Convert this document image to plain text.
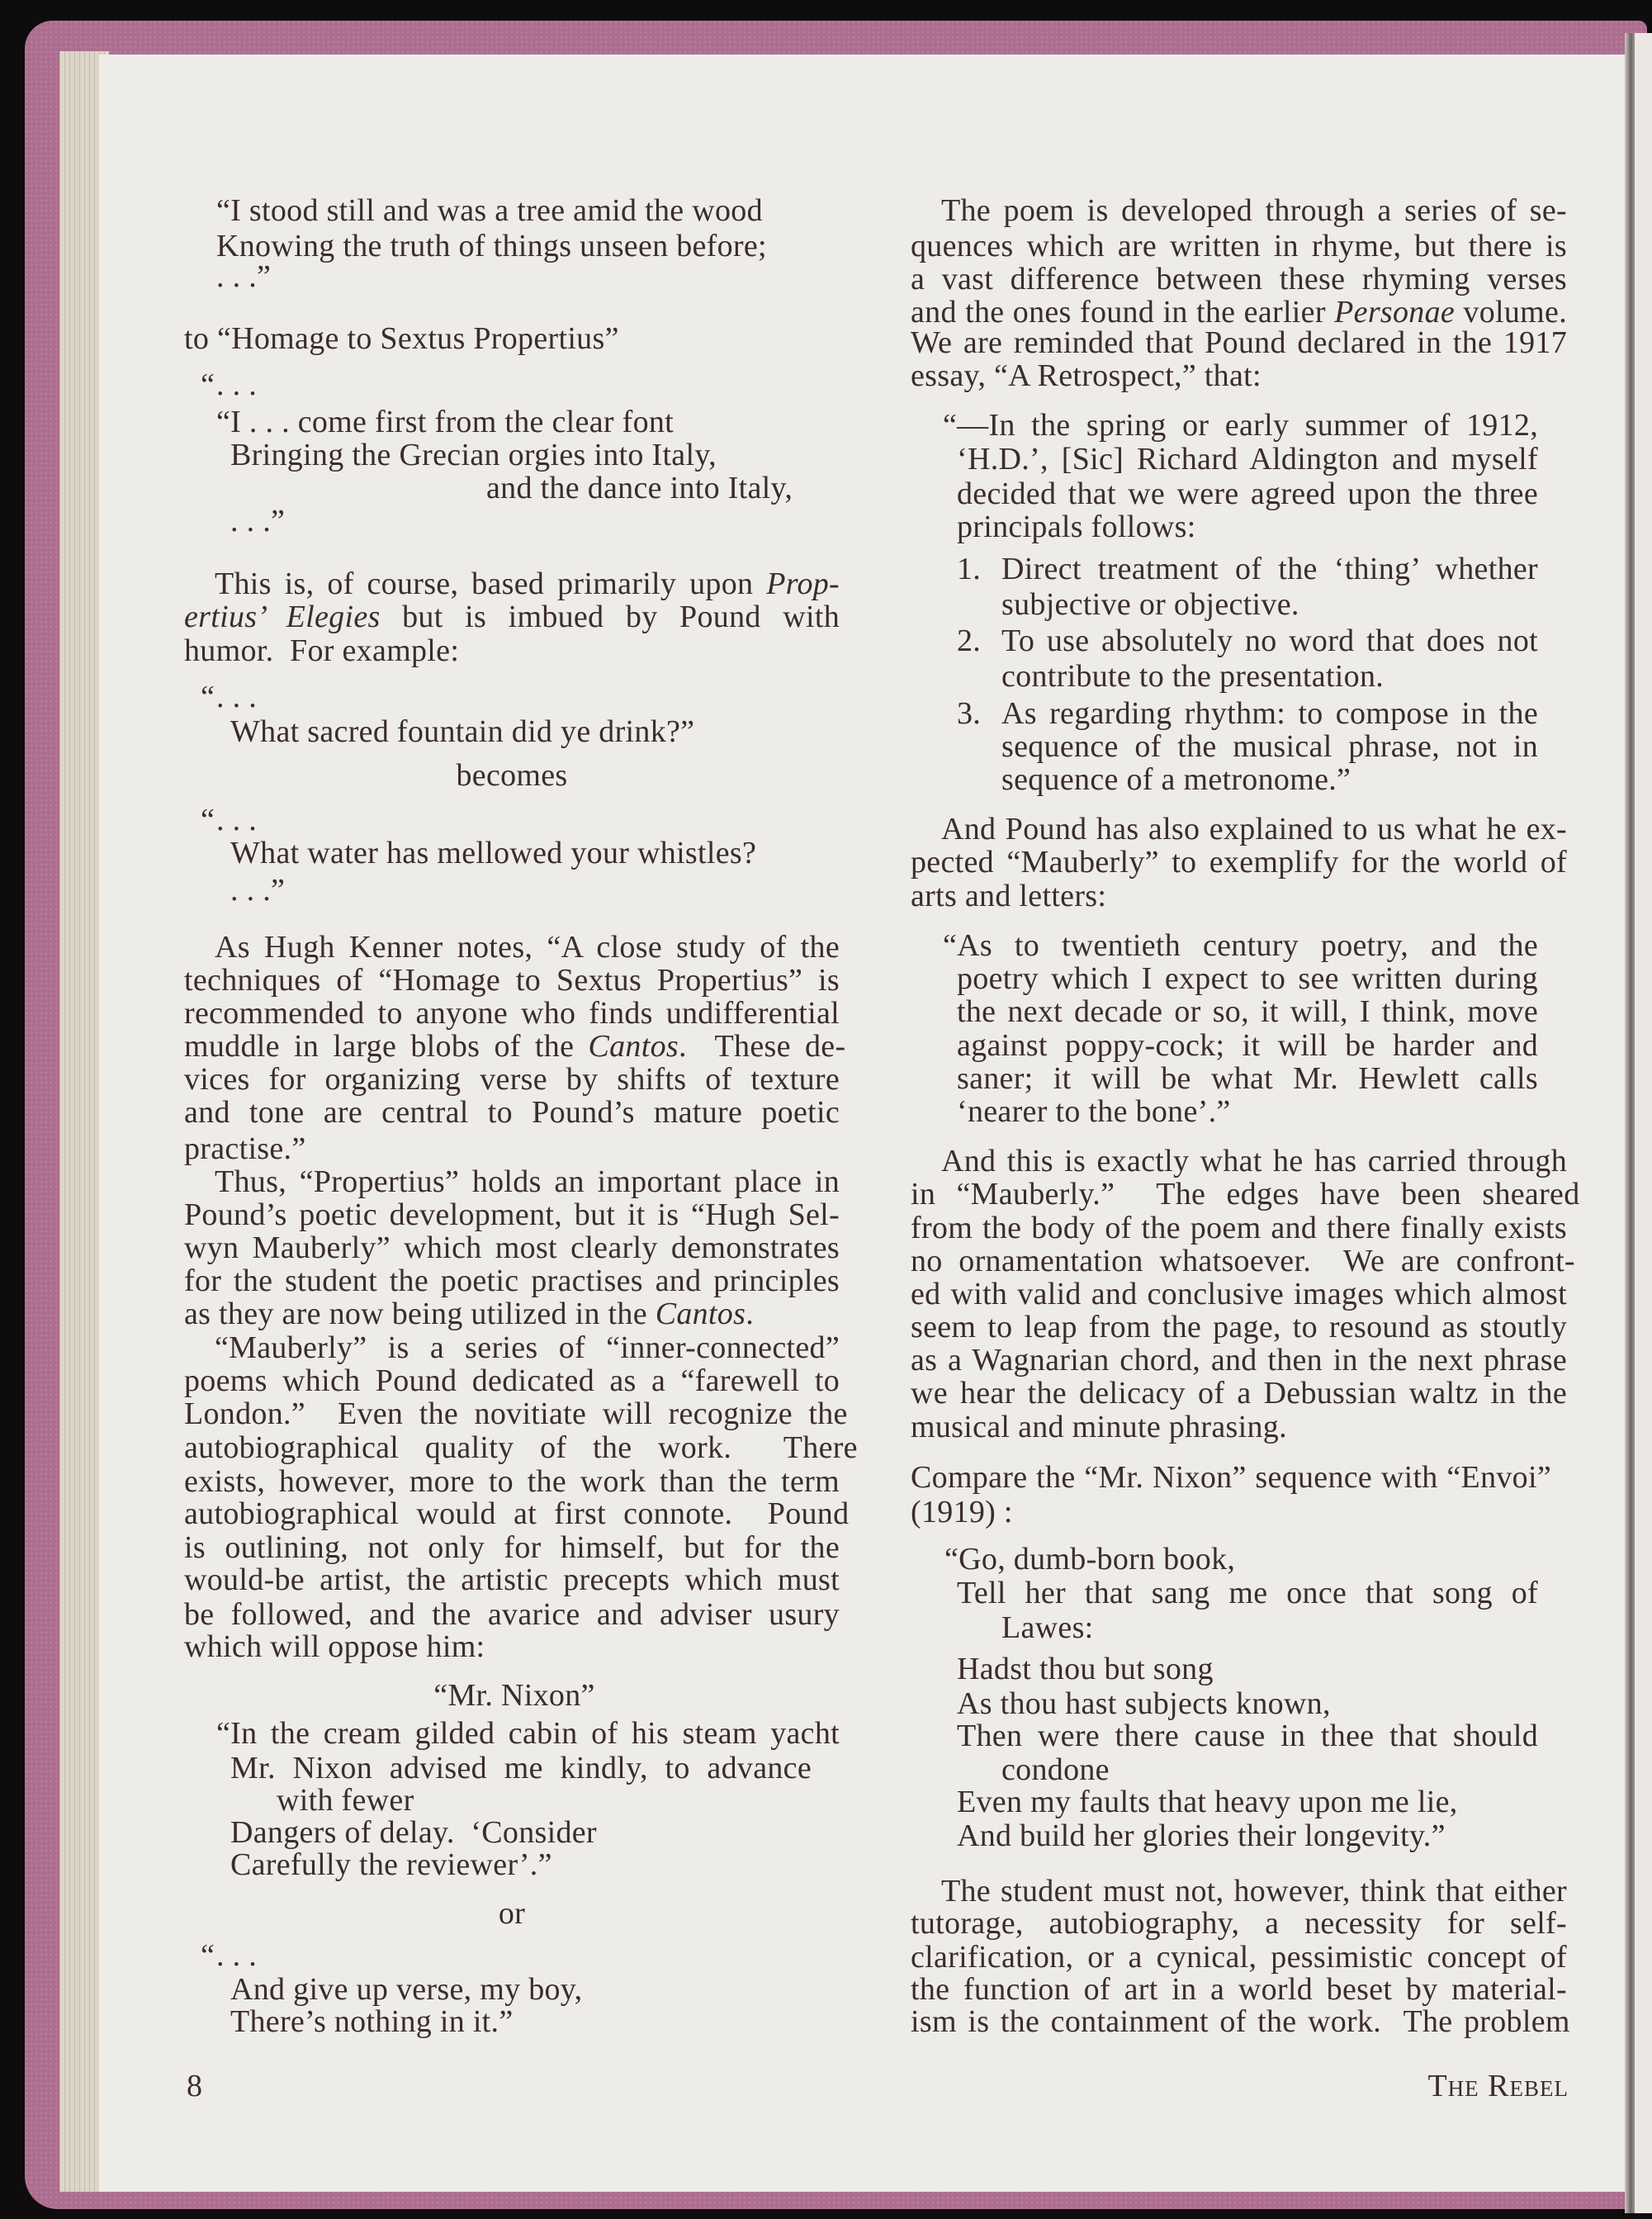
“I stood still and was a tree amid the wood
Knowing the truth of things unseen before;
. . .”
to “Homage to Sextus Propertius”
“ . . .
“I . . . come first from the clear font
Bringing the Grecian orgies into Italy,
and the dance into Italy,
. . .”
This is, of course, based primarily upon Prop-
ertius’ Elegies but is imbued by Pound with
humor.  For example:
“ . . .
What sacred fountain did ye drink?”
becomes
“ . . .
What water has mellowed your whistles?
. . .”
As Hugh Kenner notes, “A close study of the
techniques of “Homage to Sextus Propertius” is
recommended to anyone who finds undifferential
muddle in large blobs of the Cantos.  These de-
vices for organizing verse by shifts of texture
and tone are central to Pound’s mature poetic
practise.”
Thus, “Propertius” holds an important place in
Pound’s poetic development, but it is “Hugh Sel-
wyn Mauberly” which most clearly demonstrates
for the student the poetic practises and principles
as they are now being utilized in the Cantos.
“Mauberly” is a series of “inner-connected”
poems which Pound dedicated as a “farewell to
London.”  Even the novitiate will recognize the
autobiographical quality of the work.  There
exists, however, more to the work than the term
autobiographical would at first connote.  Pound
is outlining, not only for himself, but for the
would-be artist, the artistic precepts which must
be followed, and the avarice and adviser usury
which will oppose him:
“Mr. Nixon”
“In the cream gilded cabin of his steam yacht
Mr. Nixon advised me kindly, to advance
with fewer
Dangers of delay.  ‘Consider
Carefully the reviewer’.”
or
“ . . .
And give up verse, my boy,
There’s nothing in it.”
The poem is developed through a series of se-
quences which are written in rhyme, but there is
a vast difference between these rhyming verses
and the ones found in the earlier Personae volume.
We are reminded that Pound declared in the 1917
essay, “A Retrospect,” that:
“—In the spring or early summer of 1912,
‘H.D.’, [Sic] Richard Aldington and myself
decided that we were agreed upon the three
principals follows:
1. Direct treatment of the ‘thing’ whether
subjective or objective.
2. To use absolutely no word that does not
contribute to the presentation.
3. As regarding rhythm: to compose in the
sequence of the musical phrase, not in
sequence of a metronome.”
And Pound has also explained to us what he ex-
pected “Mauberly” to exemplify for the world of
arts and letters:
“As to twentieth century poetry, and the
poetry which I expect to see written during
the next decade or so, it will, I think, move
against poppy-cock; it will be harder and
saner; it will be what Mr. Hewlett calls
‘nearer to the bone’.”
And this is exactly what he has carried through
in “Mauberly.”  The edges have been sheared
from the body of the poem and there finally exists
no ornamentation whatsoever.  We are confront-
ed with valid and conclusive images which almost
seem to leap from the page, to resound as stoutly
as a Wagnarian chord, and then in the next phrase
we hear the delicacy of a Debussian waltz in the
musical and minute phrasing.
Compare the “Mr. Nixon” sequence with “Envoi”
(1919) :
“Go, dumb-born book,
Tell her that sang me once that song of
Lawes:
Hadst thou but song
As thou hast subjects known,
Then were there cause in thee that should
condone
Even my faults that heavy upon me lie,
And build her glories their longevity.”
The student must not, however, think that either
tutorage, autobiography, a necessity for self-
clarification, or a cynical, pessimistic concept of
the function of art in a world beset by material-
ism is the containment of the work.  The problem
8	The Rebel
